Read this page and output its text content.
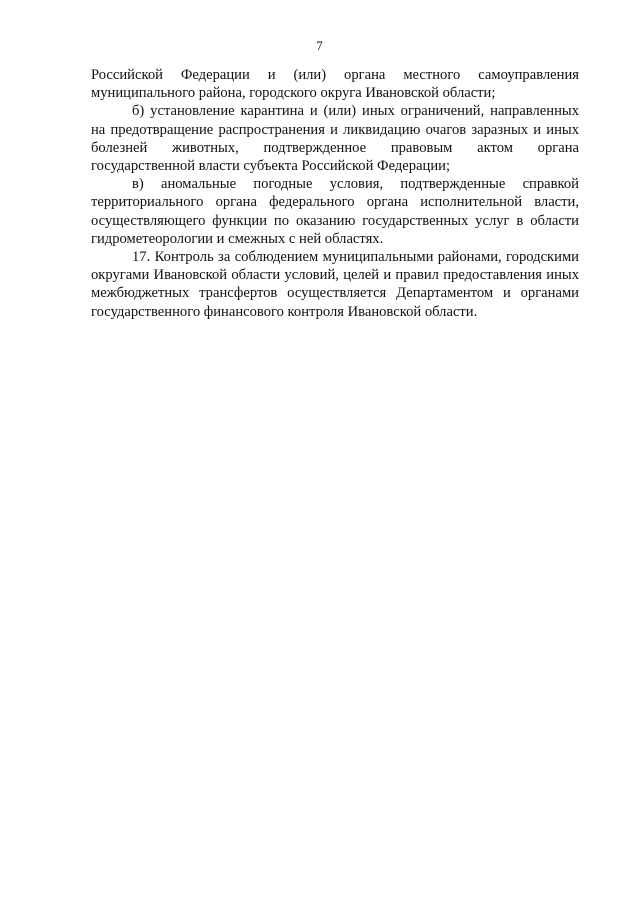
7

Российской Федерации и (или) органа местного самоуправления муниципального района, городского округа Ивановской области;

б) установление карантина и (или) иных ограничений, направленных на предотвращение распространения и ликвидацию очагов заразных и иных болезней животных, подтвержденное правовым актом органа государственной власти субъекта Российской Федерации;

в) аномальные погодные условия, подтвержденные справкой территориального органа федерального органа исполнительной власти, осуществляющего функции по оказанию государственных услуг в области гидрометеорологии и смежных с ней областях.

17. Контроль за соблюдением муниципальными районами, городскими округами Ивановской области условий, целей и правил предоставления иных межбюджетных трансфертов осуществляется Департаментом и органами государственного финансового контроля Ивановской области.
